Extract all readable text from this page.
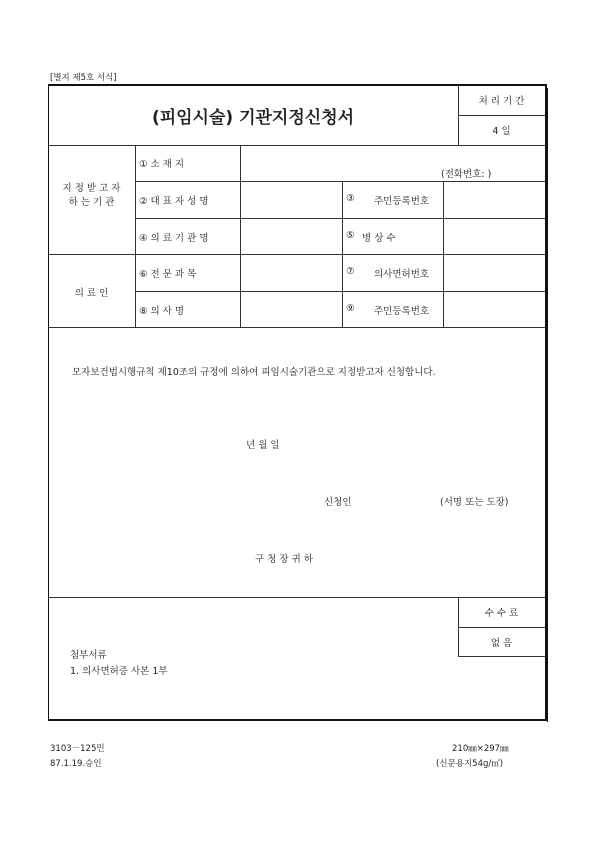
[별지 제5호 서식]
(피임시술) 기관지정신청서
처 리 기 간
4 일
지 정 받 고 자
하 는 기 관
① 소 재 지
(전화번호: )
② 대 표 자 성 명	③ 주민등록번호
④ 의 료 기 관 명	⑤ 병 상 수
의 료 인
⑥ 전 문 과 목	⑦ 의사면허번호
⑧ 의 사 명	⑨ 주민등록번호
모자보건법시행규칙 제10조의 규정에 의하여 피임시술기관으로 지정받고자 신청합니다.
년 월 일
신청인	(서명 또는 도장)
구 청 장 귀 하
수 수 료
없 음
첨부서류
1. 의사면허증 사본 1부
3103－125민
87.1.19.승인
210㎜×297㎜
(신문용지54g/㎡)
